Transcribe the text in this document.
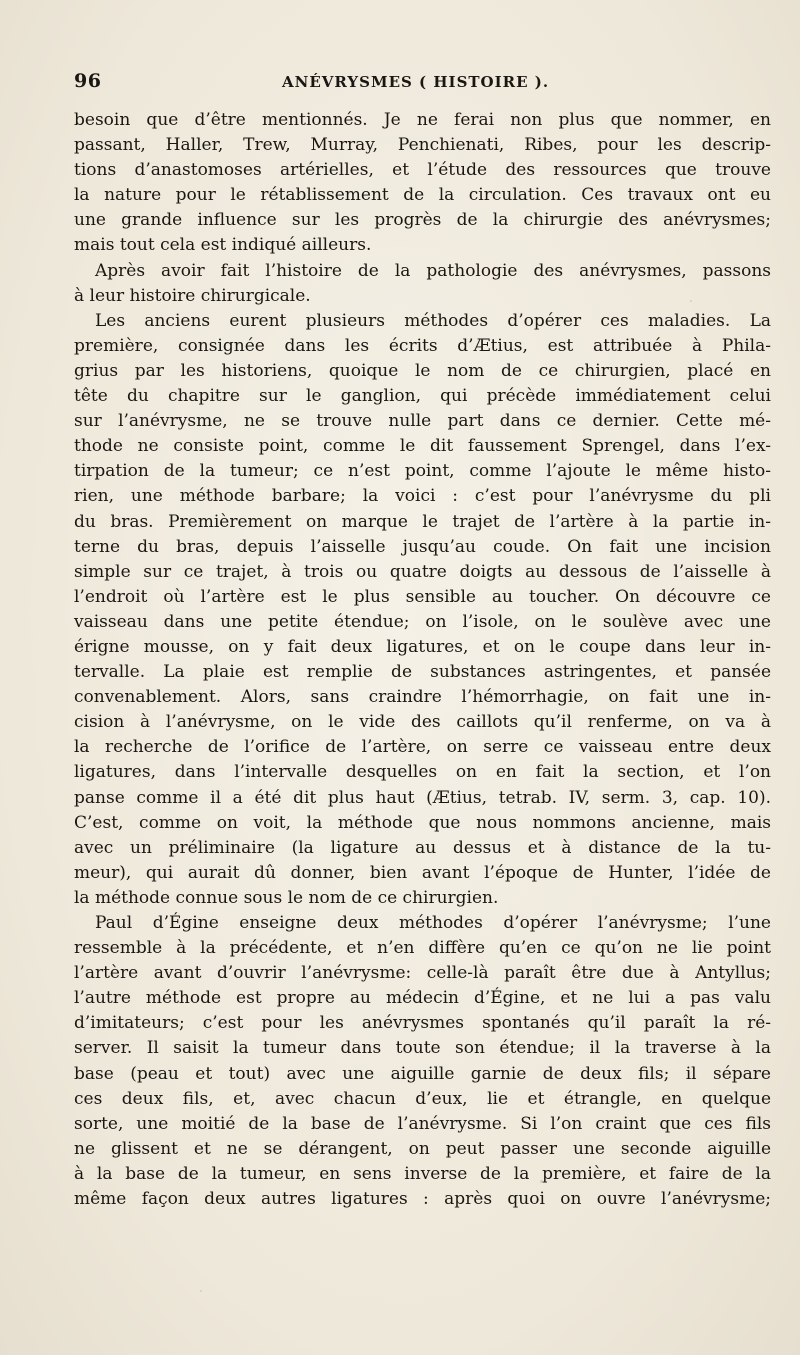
96	ANÉVRYSMES ( HISTOIRE ).
besoin que d’être mentionnés. Je ne ferai non plus que nommer, en
passant, Haller, Trew, Murray, Penchienati, Ribes, pour les descrip-
tions d’anastomoses artérielles, et l’étude des ressources que trouve
la nature pour le rétablissement de la circulation. Ces travaux ont eu
une grande influence sur les progrès de la chirurgie des anévrysmes;
mais tout cela est indiqué ailleurs.
Après avoir fait l’histoire de la pathologie des anévrysmes, passons
à leur histoire chirurgicale.
Les anciens eurent plusieurs méthodes d’opérer ces maladies. La
première, consignée dans les écrits d’Ætius, est attribuée à Phila-
grius par les historiens, quoique le nom de ce chirurgien, placé en
tête du chapitre sur le ganglion, qui précède immédiatement celui
sur l’anévrysme, ne se trouve nulle part dans ce dernier. Cette mé-
thode ne consiste point, comme le dit faussement Sprengel, dans l’ex-
tirpation de la tumeur; ce n’est point, comme l’ajoute le même histo-
rien, une méthode barbare; la voici : c’est pour l’anévrysme du pli
du bras. Premièrement on marque le trajet de l’artère à la partie in-
terne du bras, depuis l’aisselle jusqu’au coude. On fait une incision
simple sur ce trajet, à trois ou quatre doigts au dessous de l’aisselle à
l’endroit où l’artère est le plus sensible au toucher. On découvre ce
vaisseau dans une petite étendue; on l’isole, on le soulève avec une
érigne mousse, on y fait deux ligatures, et on le coupe dans leur in-
tervalle. La plaie est remplie de substances astringentes, et pansée
convenablement. Alors, sans craindre l’hémorrhagie, on fait une in-
cision à l’anévrysme, on le vide des caillots qu’il renferme, on va à
la recherche de l’orifice de l’artère, on serre ce vaisseau entre deux
ligatures, dans l’intervalle desquelles on en fait la section, et l’on
panse comme il a été dit plus haut (Ætius, tetrab. IV, serm. 3, cap. 10).
C’est, comme on voit, la méthode que nous nommons ancienne, mais
avec un préliminaire (la ligature au dessus et à distance de la tu-
meur), qui aurait dû donner, bien avant l’époque de Hunter, l’idée de
la méthode connue sous le nom de ce chirurgien.
Paul d’Égine enseigne deux méthodes d’opérer l’anévrysme; l’une
ressemble à la précédente, et n’en diffère qu’en ce qu’on ne lie point
l’artère avant d’ouvrir l’anévrysme: celle-là paraît être due à Antyllus;
l’autre méthode est propre au médecin d’Égine, et ne lui a pas valu
d’imitateurs; c’est pour les anévrysmes spontanés qu’il paraît la ré-
server. Il saisit la tumeur dans toute son étendue; il la traverse à la
base (peau et tout) avec une aiguille garnie de deux fils; il sépare
ces deux fils, et, avec chacun d’eux, lie et étrangle, en quelque
sorte, une moitié de la base de l’anévrysme. Si l’on craint que ces fils
ne glissent et ne se dérangent, on peut passer une seconde aiguille
à la base de la tumeur, en sens inverse de la première, et faire de la
même façon deux autres ligatures : après quoi on ouvre l’anévrysme;
